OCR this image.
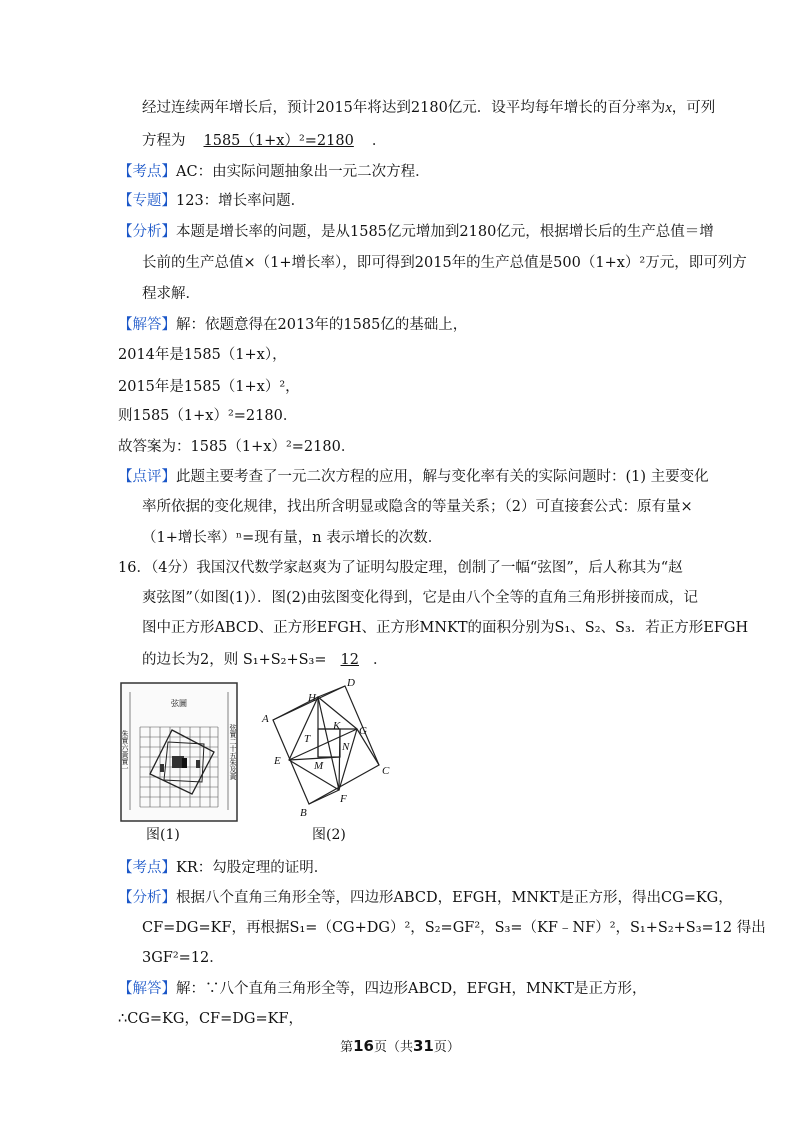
经过连续两年增长后，预计2015年将达到2180亿元．设平均每年增长的百分率为x，可列
方程为 1585（1+x）²=2180 ．
【考点】AC：由实际问题抽象出一元二次方程．
【专题】123：增长率问题．
【分析】本题是增长率的问题，是从1585亿元增加到2180亿元，根据增长后的生产总值＝增
长前的生产总值×（1+增长率），即可得到2015年的生产总值是500（1+x）²万元，即可列方
程求解．
【解答】解：依题意得在2013年的1585亿的基础上，
2014年是1585（1+x），
2015年是1585（1+x）²，
则1585（1+x）²=2180．
故答案为：1585（1+x）²=2180．
【点评】此题主要考查了一元二次方程的应用，解与变化率有关的实际问题时：(1) 主要变化
率所依据的变化规律，找出所含明显或隐含的等量关系；（2）可直接套公式：原有量×
（1+增长率）ⁿ=现有量，n 表示增长的次数．
16．（4分）我国汉代数学家赵爽为了证明勾股定理，创制了一幅“弦图”，后人称其为“赵
爽弦图”（如图(1)）．图(2)由弦图变化得到，它是由八个全等的直角三角形拼接而成，记
图中正方形ABCD、正方形EFGH、正方形MNKT的面积分别为S₁、S₂、S₃．若正方形EFGH
的边长为2，则 S₁+S₂+S₃= 12 ．
弦圖
朱實六黃實一	弦實二十五朱及黃
图(1)
A
B
C
D
E
F
G
H
K
M
N
T
图(2)
【考点】KR：勾股定理的证明．
【分析】根据八个直角三角形全等，四边形ABCD，EFGH，MNKT是正方形，得出CG=KG，
CF=DG=KF，再根据S₁=（CG+DG）²，S₂=GF²，S₃=（KF﹣NF）²，S₁+S₂+S₃=12 得出
3GF²=12．
【解答】解：∵八个直角三角形全等，四边形ABCD，EFGH，MNKT是正方形，
∴CG=KG，CF=DG=KF，
第16页（共31页）
